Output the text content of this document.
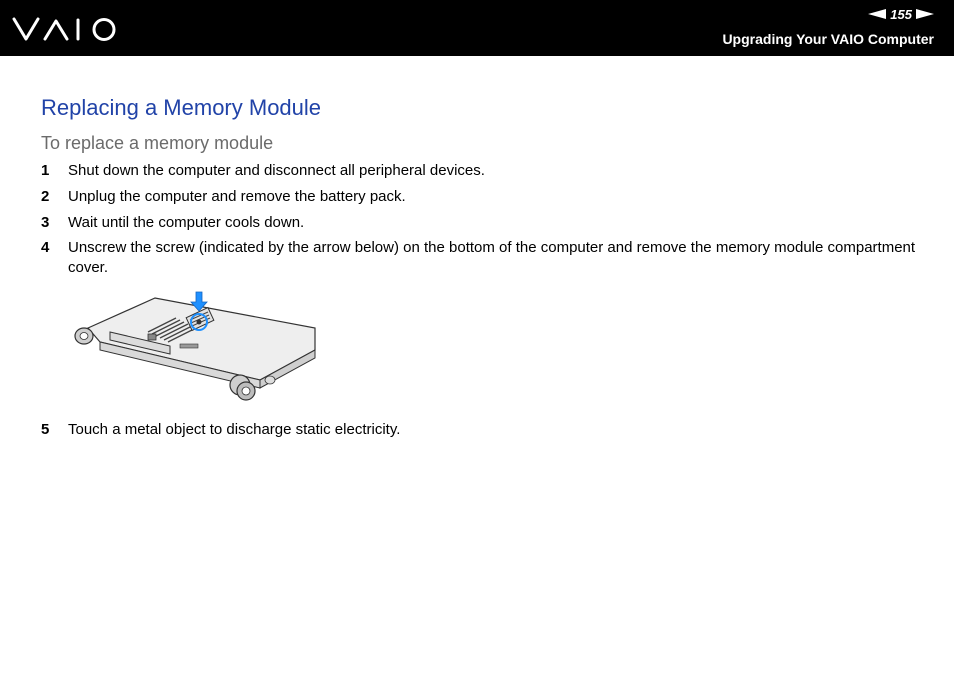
155
Upgrading Your VAIO Computer
Replacing a Memory Module
To replace a memory module
1	Shut down the computer and disconnect all peripheral devices.
2	Unplug the computer and remove the battery pack.
3	Wait until the computer cools down.
4	Unscrew the screw (indicated by the arrow below) on the bottom of the computer and remove the memory module compartment cover.
5	Touch a metal object to discharge static electricity.
